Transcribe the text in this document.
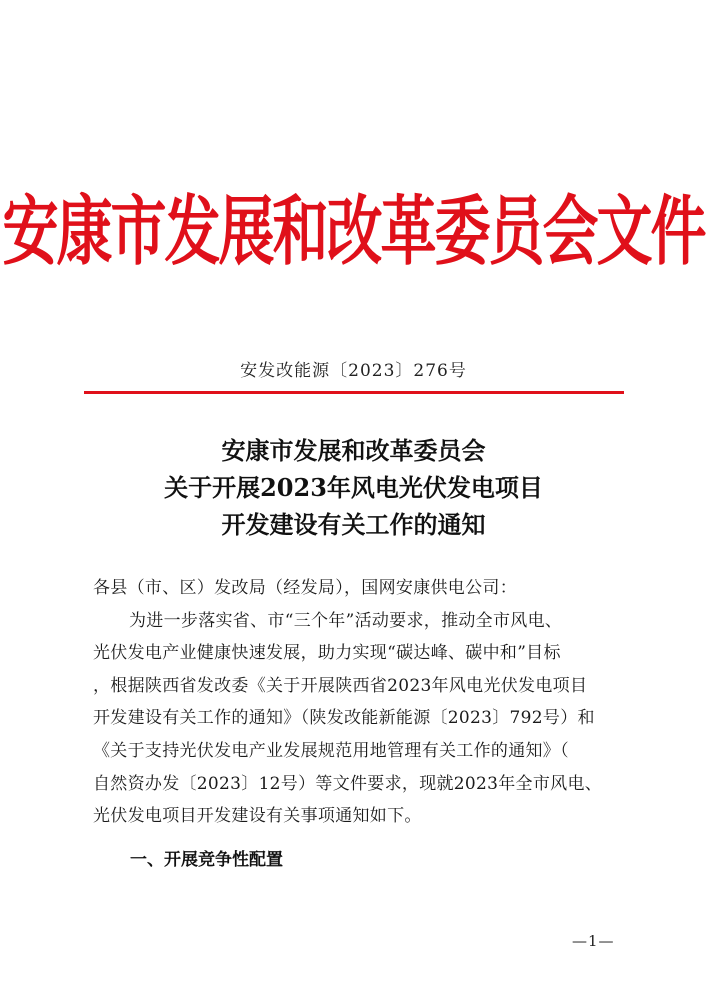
安康市发展和改革委员会文件
安发改能源〔2023〕276号
安康市发展和改革委员会
关于开展2023年风电光伏发电项目
开发建设有关工作的通知
各县（市、区）发改局（经发局），国网安康供电公司：
为进一步落实省、市“三个年”活动要求，推动全市风电、
光伏发电产业健康快速发展，助力实现“碳达峰、碳中和”目标
，根据陕西省发改委《关于开展陕西省2023年风电光伏发电项目
开发建设有关工作的通知》（陕发改能新能源〔2023〕792号）和
《关于支持光伏发电产业发展规范用地管理有关工作的通知》（
自然资办发〔2023〕12号）等文件要求，现就2023年全市风电、
光伏发电项目开发建设有关事项通知如下。
一、开展竞争性配置
—1—
